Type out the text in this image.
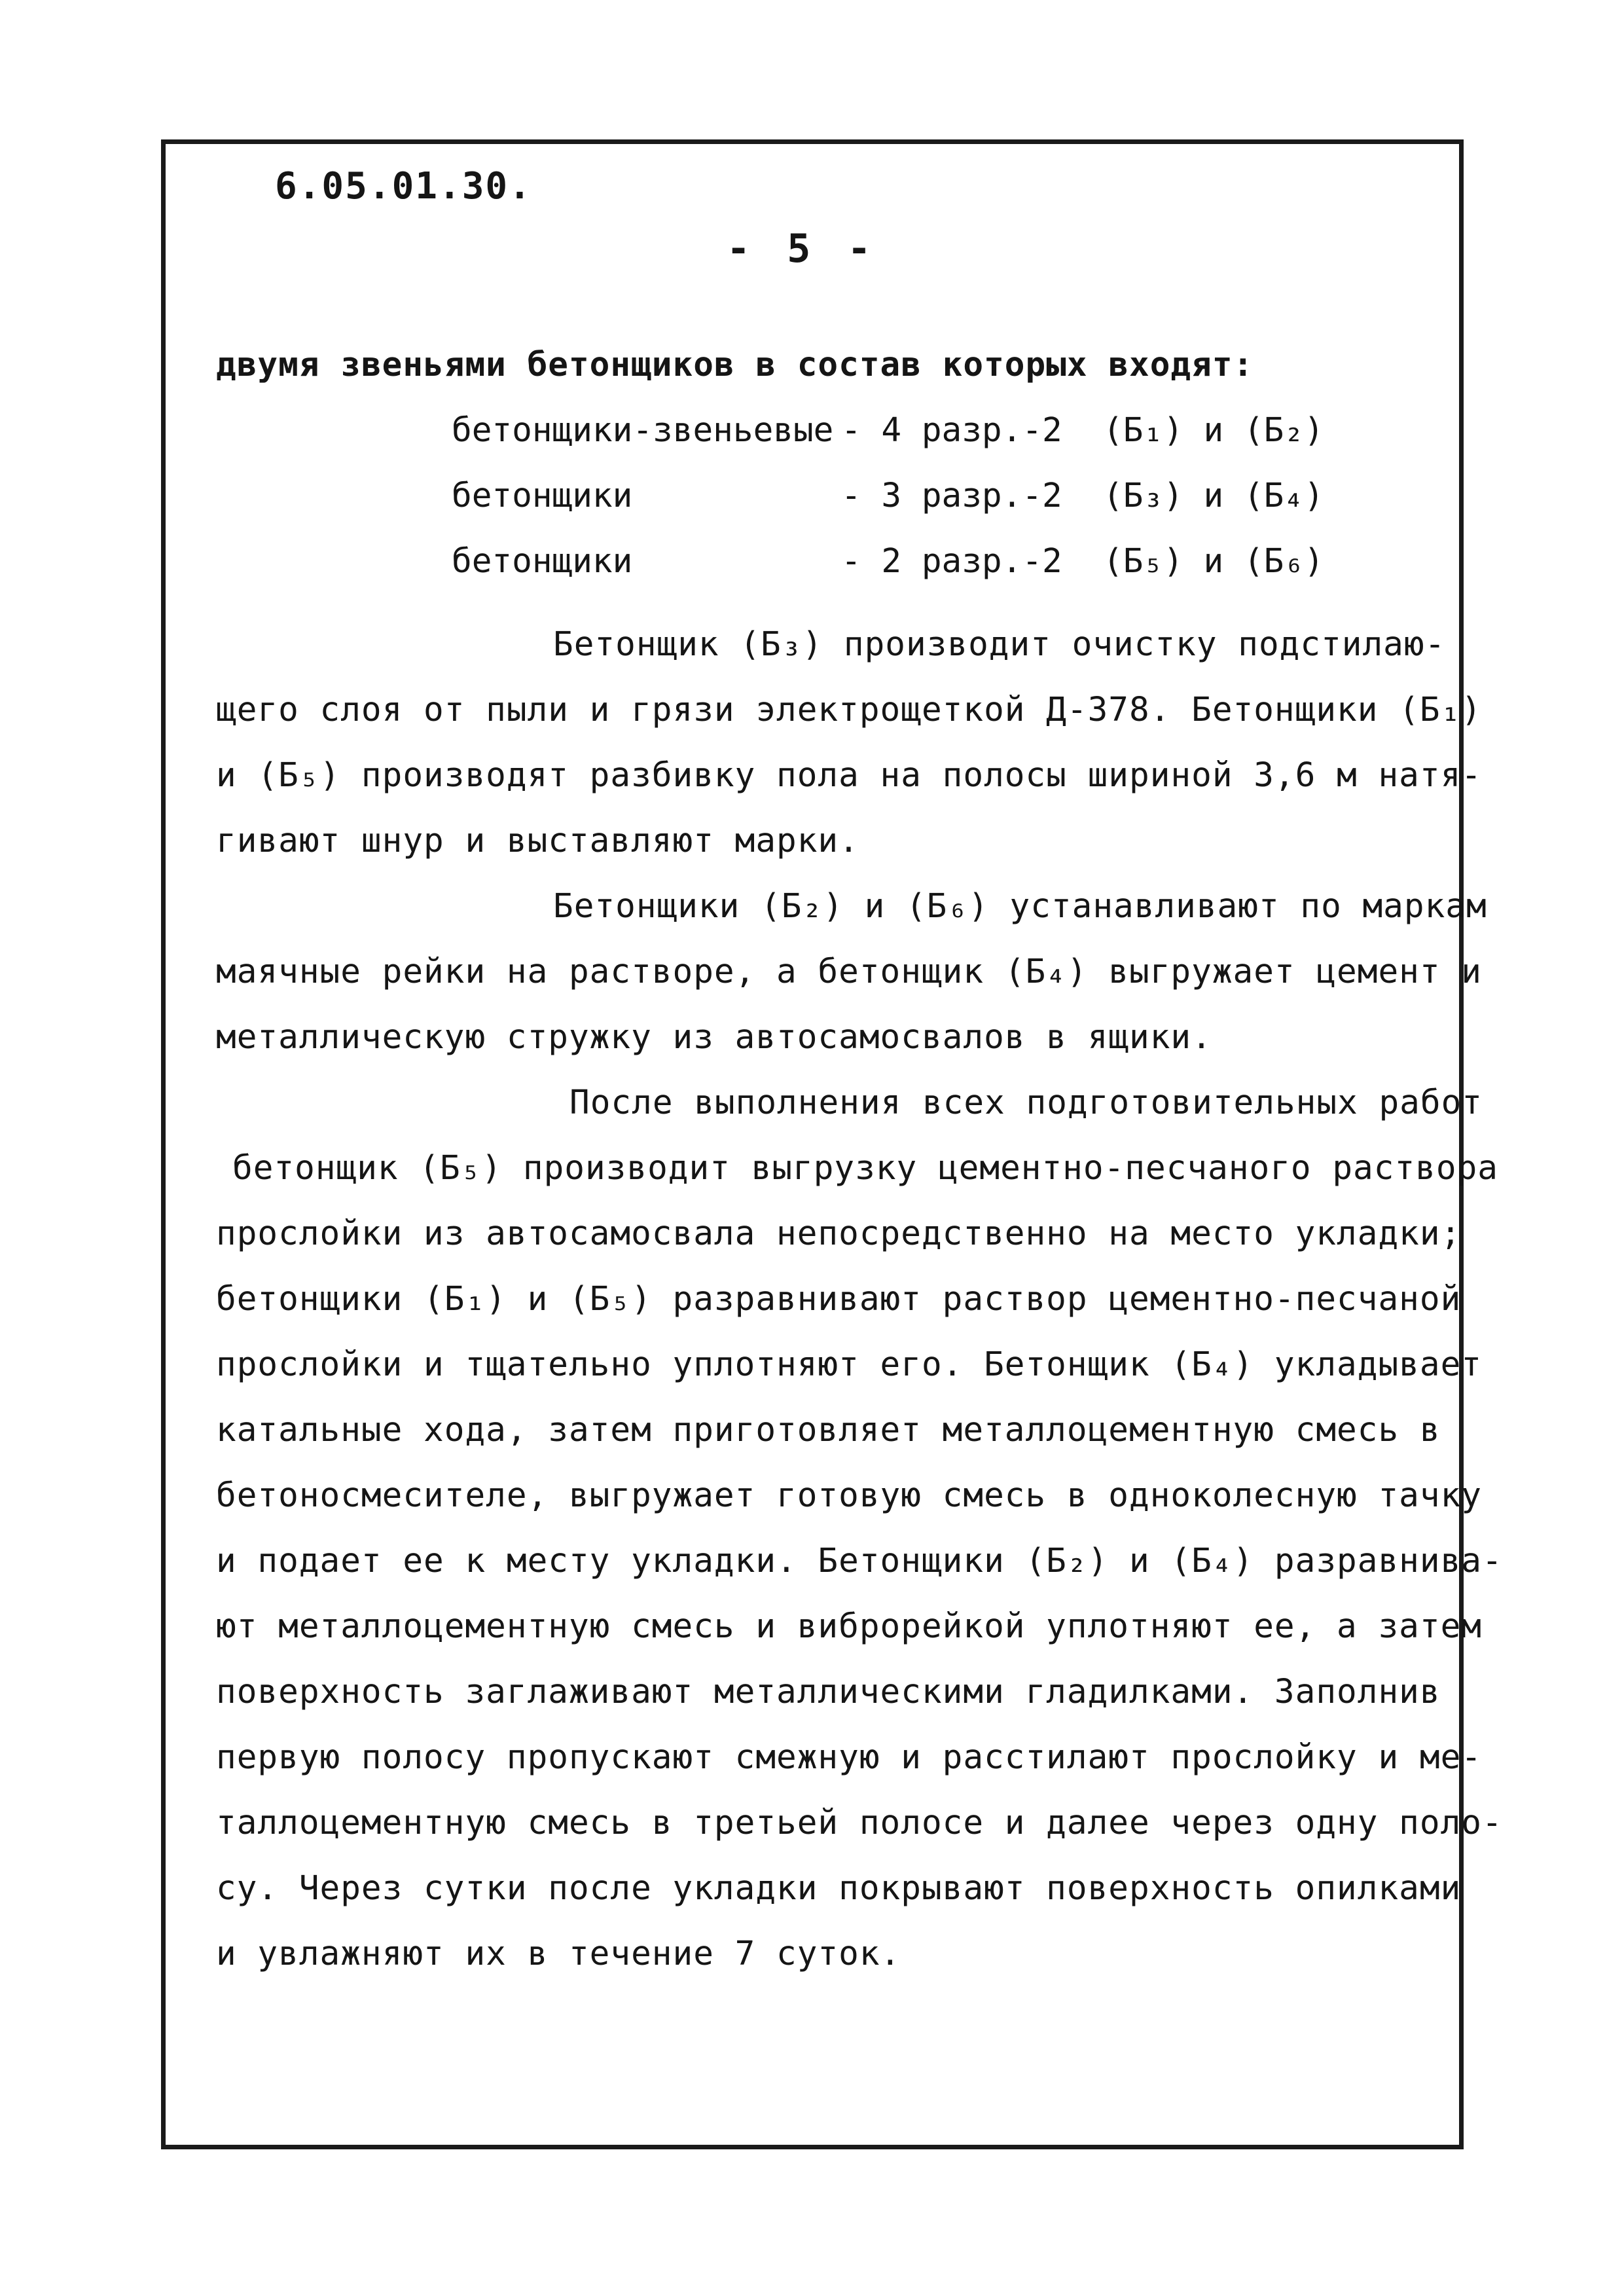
6.05.01.30.
- 5 -
двумя звеньями бетонщиков в состав которых входят:

бетонщики-звеньевые

- 4 разр.-2

(Б₁) и (Б₂)

бетонщики

	- 3 разр.-2

(Б₃) и (Б₄)

бетонщики

	- 2 разр.-2

(Б₅) и (Б₆)

Бетонщик (Б₃) производит очистку подстилаю-
щего слоя от пыли и грязи электрощеткой Д-378. Бетонщики (Б₁)
и (Б₅) производят разбивку пола на полосы шириной 3,6 м натя-
гивают шнур и выставляют марки.
Бетонщики (Б₂) и (Б₆) устанавливают по маркам
маячные рейки на растворе, а бетонщик (Б₄) выгружает цемент и
металлическую стружку из автосамосвалов в ящики.
После выполнения всех подготовительных работ
бетонщик (Б₅) производит выгрузку цементно-песчаного раствора
прослойки из автосамосвала непосредственно на место укладки;
бетонщики (Б₁) и (Б₅) разравнивают раствор цементно-песчаной
прослойки и тщательно уплотняют его. Бетонщик (Б₄) укладывает
катальные хода, затем приготовляет металлоцементную смесь в
бетоносмесителе, выгружает готовую смесь в одноколесную тачку
и подает ее к месту укладки. Бетонщики (Б₂) и (Б₄) разравнива-
ют металлоцементную смесь и виброрейкой уплотняют ее, а затем
поверхность заглаживают металлическими гладилками. Заполнив
первую полосу пропускают смежную и расстилают прослойку и ме-
таллоцементную смесь в третьей полосе и далее через одну поло-
су. Через сутки после укладки покрывают поверхность опилками
и увлажняют их в течение 7 суток.
